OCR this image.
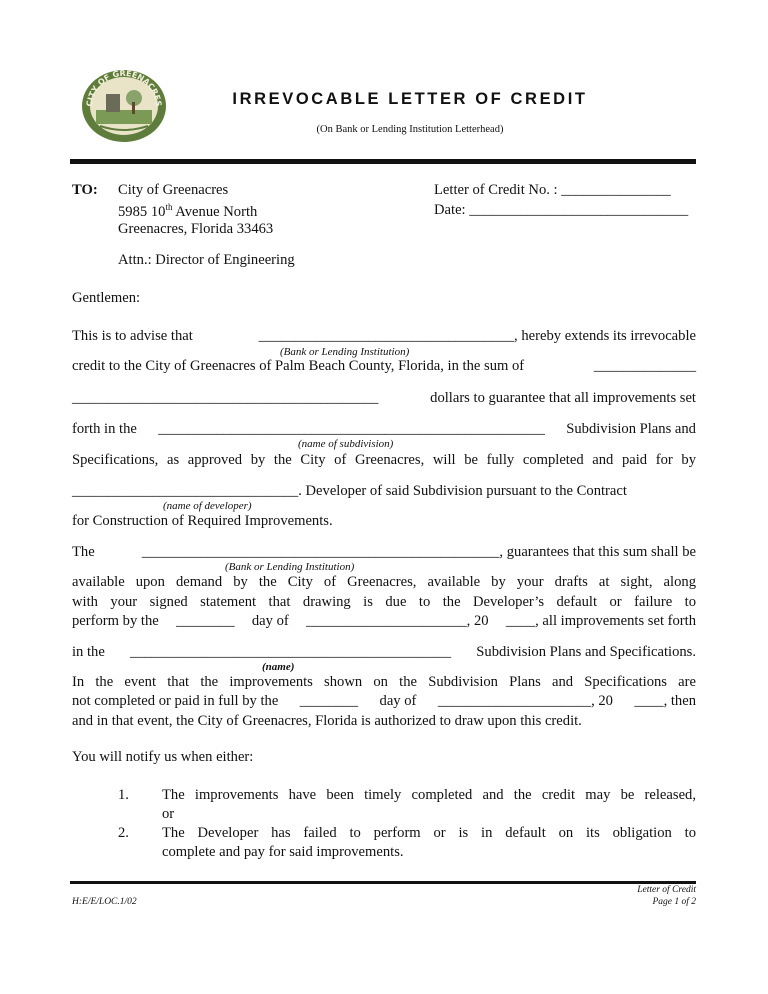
CITY OF GREENACRES	IRREVOCABLE LETTER OF CREDIT
(On Bank or Lending Institution Letterhead)
TO: City of Greenacres
5985 10th Avenue North
Greenacres, Florida 33463
Attn.: Director of Engineering
Letter of Credit No. : _______________
Date: ______________________________
Gentlemen:
This is to advise that	___________________________________, hereby extends its irrevocable
(Bank or Lending Institution)
credit to the City of Greenacres of Palm Beach County, Florida, in the sum of	______________
__________________________________________	dollars to guarantee that all improvements set
forth in the _____________________________________________________ Subdivision Plans and
(name of subdivision)
Specifications, as approved by the City of Greenacres, will be fully completed and paid for by
_______________________________. Developer of said Subdivision pursuant to the Contract
(name of developer)
for Construction of Required Improvements.
The	_________________________________________________, guarantees that this sum shall be
(Bank or Lending Institution)
available upon demand by the City of Greenacres, available by your drafts at sight, along
with your signed statement that drawing is due to the Developer’s default or failure to
perform by the ________ day of ______________________, 20 ____, all improvements set forth
in the ____________________________________________ Subdivision Plans and Specifications.
(name)
In the event that the improvements shown on the Subdivision Plans and Specifications are
not completed or paid in full by the ________ day of _____________________, 20 ____, then
and in that event, the City of Greenacres, Florida is authorized to draw upon this credit.
You will notify us when either:
1. The improvements have been timely completed and the credit may be released,
or
2. The Developer has failed to perform or is in default on its obligation to
complete and pay for said improvements.
H:E/E/LOC.1/02
Letter of Credit
Page 1 of 2
